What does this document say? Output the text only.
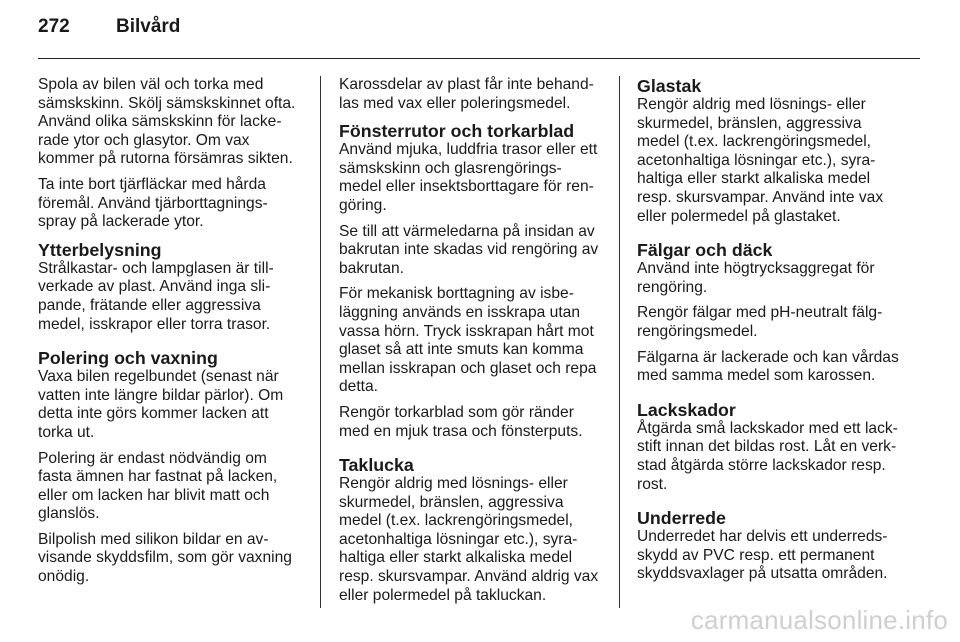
272 Bilvård

Spola av bilen väl och torka med
sämskskinn. Skölj sämskskinnet ofta.
Använd olika sämskskinn för lacke-
rade ytor och glasytor. Om vax
kommer på rutorna försämras sikten.

Ta inte bort tjärfläckar med hårda
föremål. Använd tjärborttagnings-
spray på lackerade ytor.

Ytterbelysning

Strålkastar- och lampglasen är till-
verkade av plast. Använd inga sli-
pande, frätande eller aggressiva
medel, isskrapor eller torra trasor.

Polering och vaxning

Vaxa bilen regelbundet (senast när
vatten inte längre bildar pärlor). Om
detta inte görs kommer lacken att
torka ut.

Polering är endast nödvändig om
fasta ämnen har fastnat på lacken,
eller om lacken har blivit matt och
glanslös.

Bilpolish med silikon bildar en av-
visande skyddsfilm, som gör vaxning
onödig.

Karossdelar av plast får inte behand-
las med vax eller poleringsmedel.

Fönsterrutor och torkarblad

Använd mjuka, luddfria trasor eller ett
sämskskinn och glasrengörings-
medel eller insektsborttagare för ren-
göring.

Se till att värmeledarna på insidan av
bakrutan inte skadas vid rengöring av
bakrutan.

För mekanisk borttagning av isbe-
läggning används en isskrapa utan
vassa hörn. Tryck isskrapan hårt mot
glaset så att inte smuts kan komma
mellan isskrapan och glaset och repa
detta.

Rengör torkarblad som gör ränder
med en mjuk trasa och fönsterputs.

Taklucka

Rengör aldrig med lösnings- eller
skurmedel, bränslen, aggressiva
medel (t.ex. lackrengöringsmedel,
acetonhaltiga lösningar etc.), syra-
haltiga eller starkt alkaliska medel
resp. skursvampar. Använd aldrig vax
eller polermedel på takluckan.

Glastak

Rengör aldrig med lösnings- eller
skurmedel, bränslen, aggressiva
medel (t.ex. lackrengöringsmedel,
acetonhaltiga lösningar etc.), syra-
haltiga eller starkt alkaliska medel
resp. skursvampar. Använd inte vax
eller polermedel på glastaket.

Fälgar och däck

Använd inte högtrycksaggregat för
rengöring.

Rengör fälgar med pH-neutralt fälg-
rengöringsmedel.

Fälgarna är lackerade och kan vårdas
med samma medel som karossen.

Lackskador

Åtgärda små lackskador med ett lack-
stift innan det bildas rost. Låt en verk-
stad åtgärda större lackskador resp.
rost.

Underrede

Underredet har delvis ett underreds-
skydd av PVC resp. ett permanent
skyddsvaxlager på utsatta områden.

carmanualsonline.info
